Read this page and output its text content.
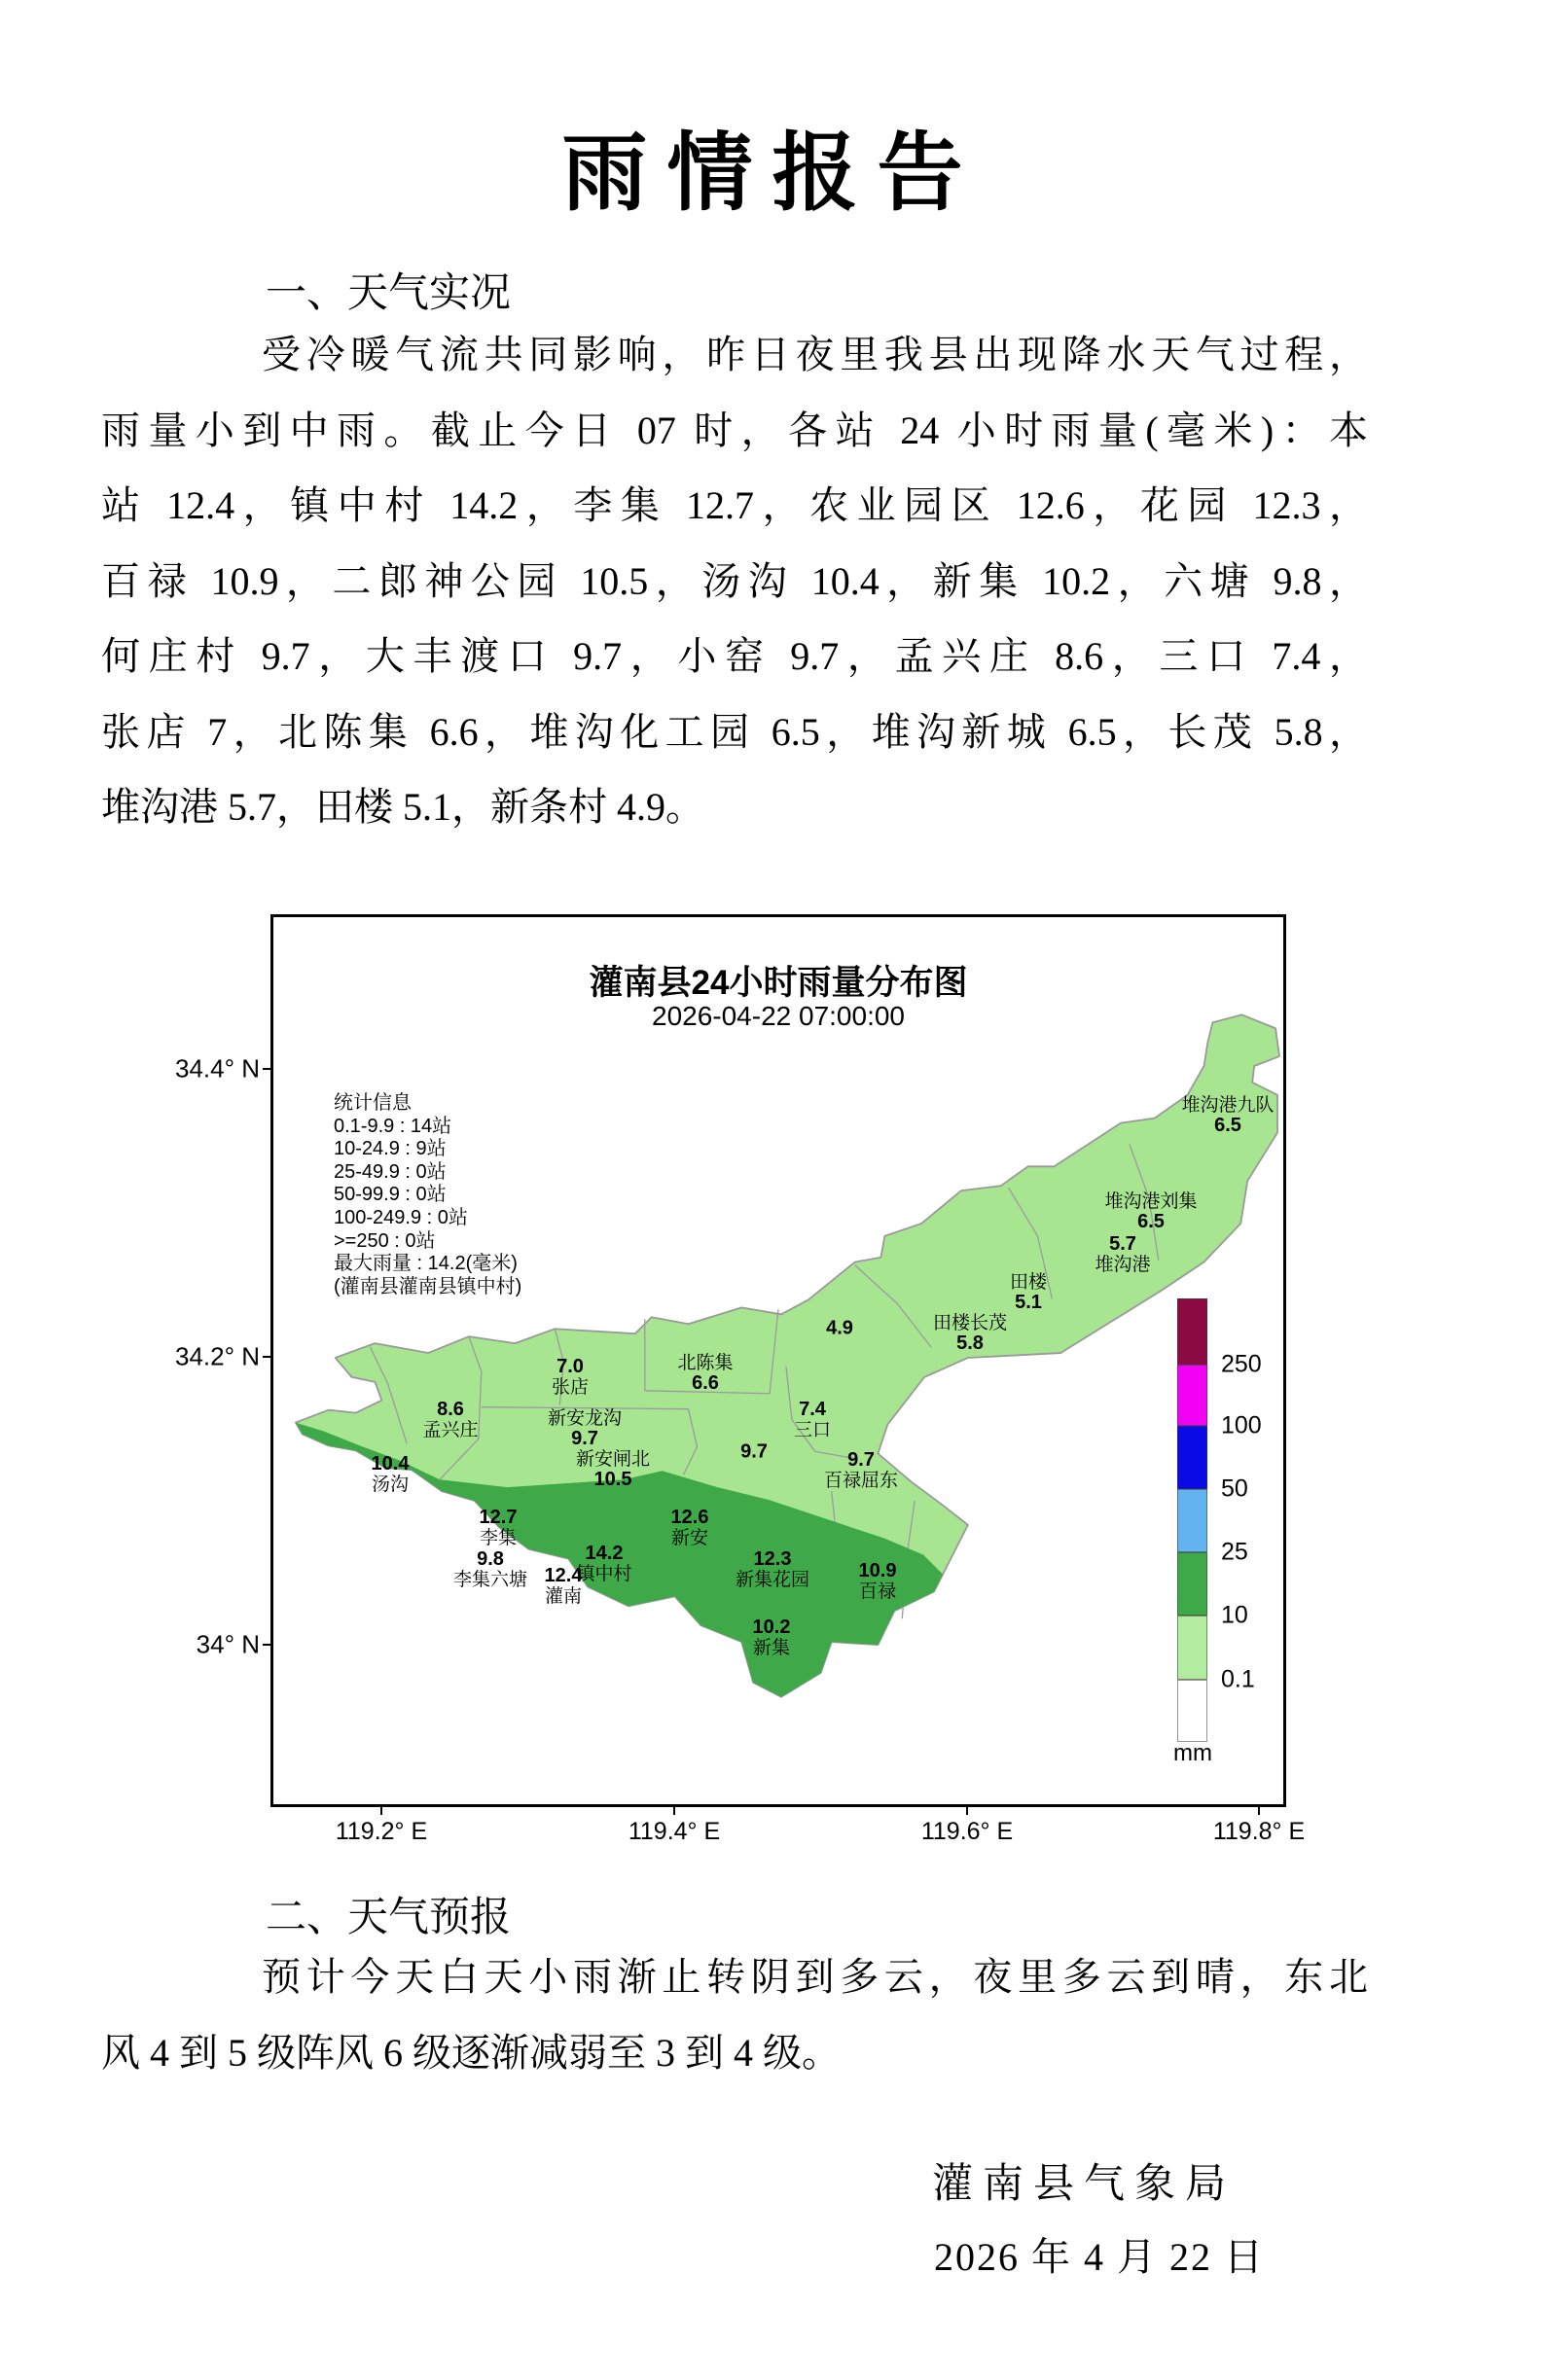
雨情报告
一、天气实况
受冷暖气流共同影响，昨日夜里我县出现降水天气过程，
雨量小到中雨。截止今日 07 时，各站 24 小时雨量(毫米)：本
站 12.4，镇中村 14.2，李集 12.7，农业园区 12.6，花园 12.3，
百禄 10.9，二郎神公园 10.5，汤沟 10.4，新集 10.2，六塘 9.8，
何庄村 9.7，大丰渡口 9.7，小窑 9.7，孟兴庄 8.6，三口 7.4，
张店 7，北陈集 6.6，堆沟化工园 6.5，堆沟新城 6.5，长茂 5.8，
堆沟港 5.7，田楼 5.1，新条村 4.9。
灌南县24小时雨量分布图
2026-04-22 07:00:00
统计信息
0.1-9.9 : 14站
10-24.9 : 9站
25-49.9 : 0站
50-99.9 : 0站
100-249.9 : 0站
>=250 : 0站
最大雨量 : 14.2(毫米)
(灌南县灌南县镇中村)
堆沟港九队
6.5
堆沟港刘集
6.5
5.7
堆沟港
田楼
5.1
田楼长茂
5.8
4.9
北陈集
6.6
7.0
张店
8.6
孟兴庄
新安龙沟
9.7
10.4
汤沟
新安闸北
10.5
7.4
三口
9.7	9.7
百禄屈东
12.7
李集
12.6
新安
9.8
李集六塘
14.2
镇中村
12.4
灌南
12.3
新集花园	10.9
百禄
10.2
新集
250
100
50
25
10
0.1
mm
119.2° E	119.4° E	119.6° E	119.8° E
34.4° N
34.2° N
34° N
二、天气预报
预计今天白天小雨渐止转阴到多云，夜里多云到晴，东北
风 4 到 5 级阵风 6 级逐渐减弱至 3 到 4 级。
灌南县气象局
2026 年 4 月 22 日
